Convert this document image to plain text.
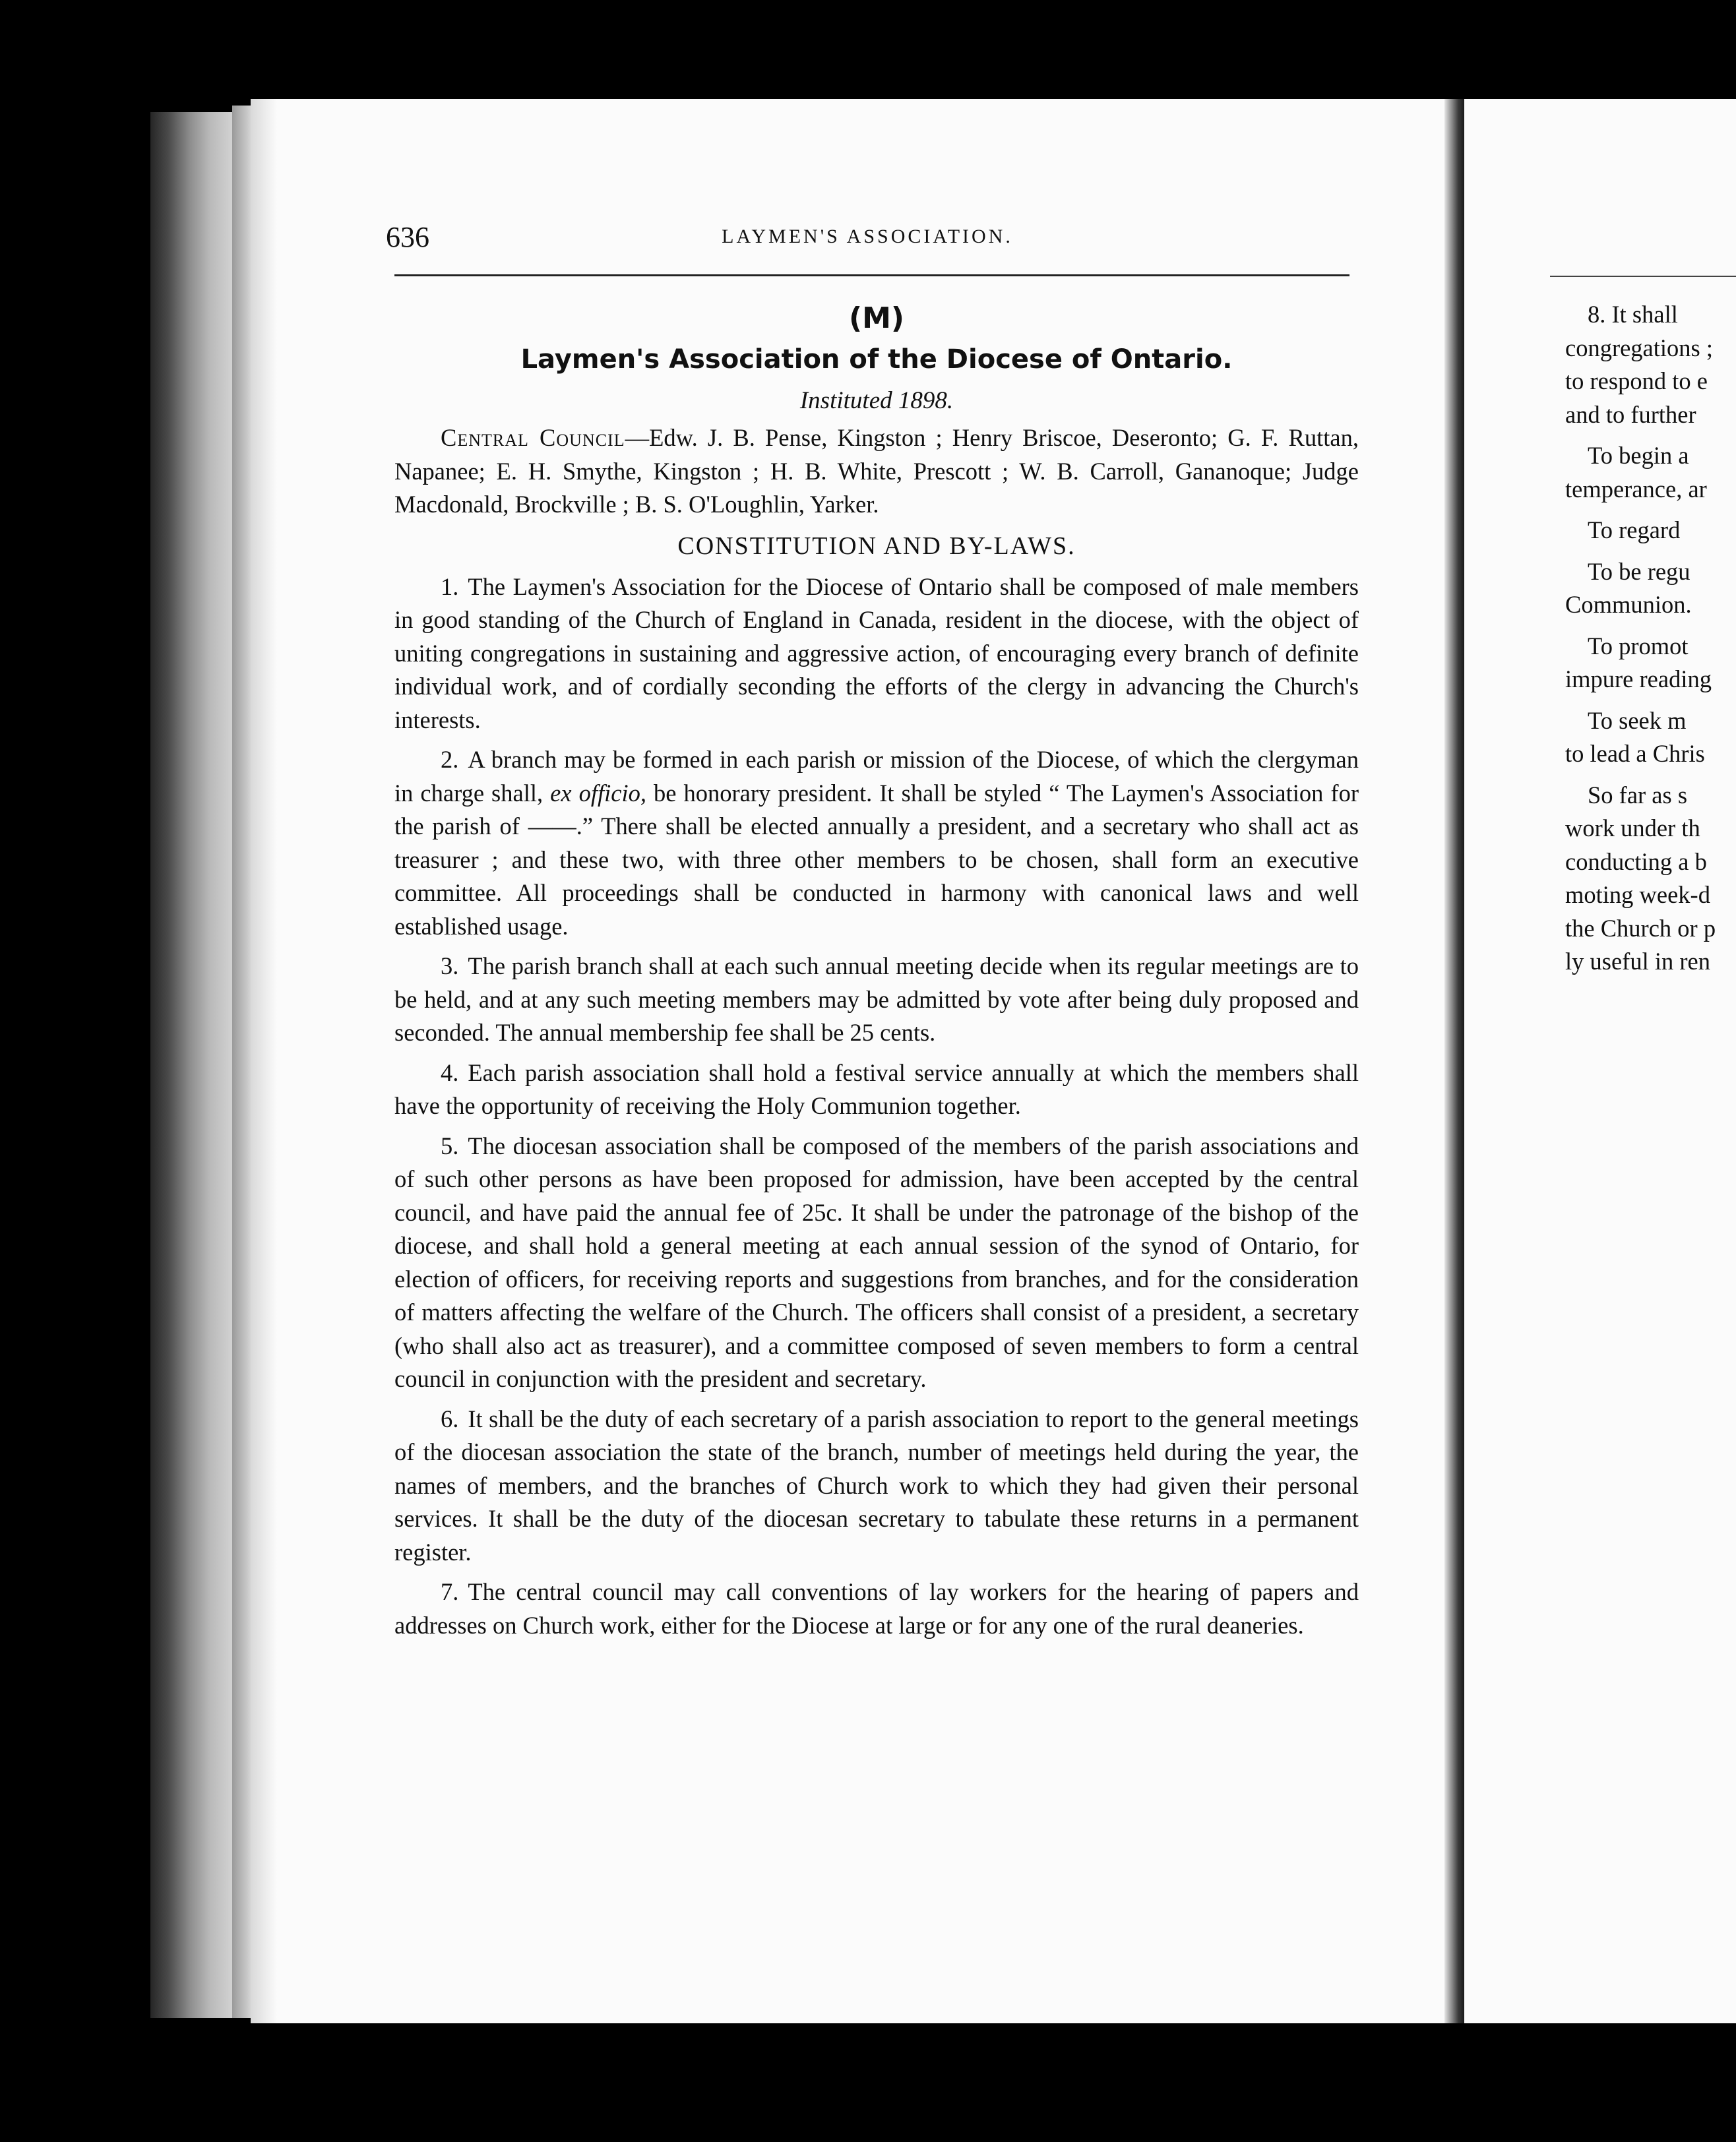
636	LAYMEN'S ASSOCIATION.

(M)

Laymen's Association of the Diocese of Ontario.

Instituted 1898.

Central Council—Edw. J. B. Pense, Kingston ; Henry Briscoe, Deseronto; G. F. Ruttan, Napanee; E. H. Smythe, Kingston ; H. B. White, Prescott ; W. B. Carroll, Gananoque; Judge Macdonald, Brockville ; B. S. O'Loughlin, Yarker.

CONSTITUTION AND BY-LAWS.

1. The Laymen's Association for the Diocese of Ontario shall be composed of male members in good standing of the Church of England in Canada, resident in the diocese, with the object of uniting congregations in sustaining and aggressive action, of encouraging every branch of definite individual work, and of cordially seconding the efforts of the clergy in advancing the Church's interests.

2. A branch may be formed in each parish or mission of the Diocese, of which the clergyman in charge shall, ex officio, be honorary president. It shall be styled “ The Laymen's Association for the parish of ——.” There shall be elected annually a president, and a secretary who shall act as treasurer ; and these two, with three other members to be chosen, shall form an executive committee. All proceedings shall be conducted in harmony with canonical laws and well established usage.

3. The parish branch shall at each such annual meeting decide when its regular meetings are to be held, and at any such meeting members may be admitted by vote after being duly proposed and seconded. The annual membership fee shall be 25 cents.

4. Each parish association shall hold a festival service annually at which the members shall have the opportunity of receiving the Holy Communion together.

5. The diocesan association shall be composed of the members of the parish associations and of such other persons as have been proposed for admission, have been accepted by the central council, and have paid the annual fee of 25c. It shall be under the patronage of the bishop of the diocese, and shall hold a general meeting at each annual session of the synod of Ontario, for election of officers, for receiving reports and suggestions from branches, and for the consideration of matters affecting the welfare of the Church. The officers shall consist of a president, a secretary (who shall also act as treasurer), and a committee composed of seven members to form a central council in conjunction with the president and secretary.

6. It shall be the duty of each secretary of a parish association to report to the general meetings of the diocesan association the state of the branch, number of meetings held during the year, the names of members, and the branches of Church work to which they had given their personal services. It shall be the duty of the diocesan secretary to tabulate these returns in a permanent register.

7. The central council may call conventions of lay workers for the hearing of papers and addresses on Church work, either for the Diocese at large or for any one of the rural deaneries.

8. It shall
congregations ;
to respond to e
and to further
To begin a
temperance, ar
To regard
To be regu
Communion.
To promot
impure reading
To seek m
to lead a Chris
So far as s
work under th
conducting a b
moting week-d
the Church or p
ly useful in ren
